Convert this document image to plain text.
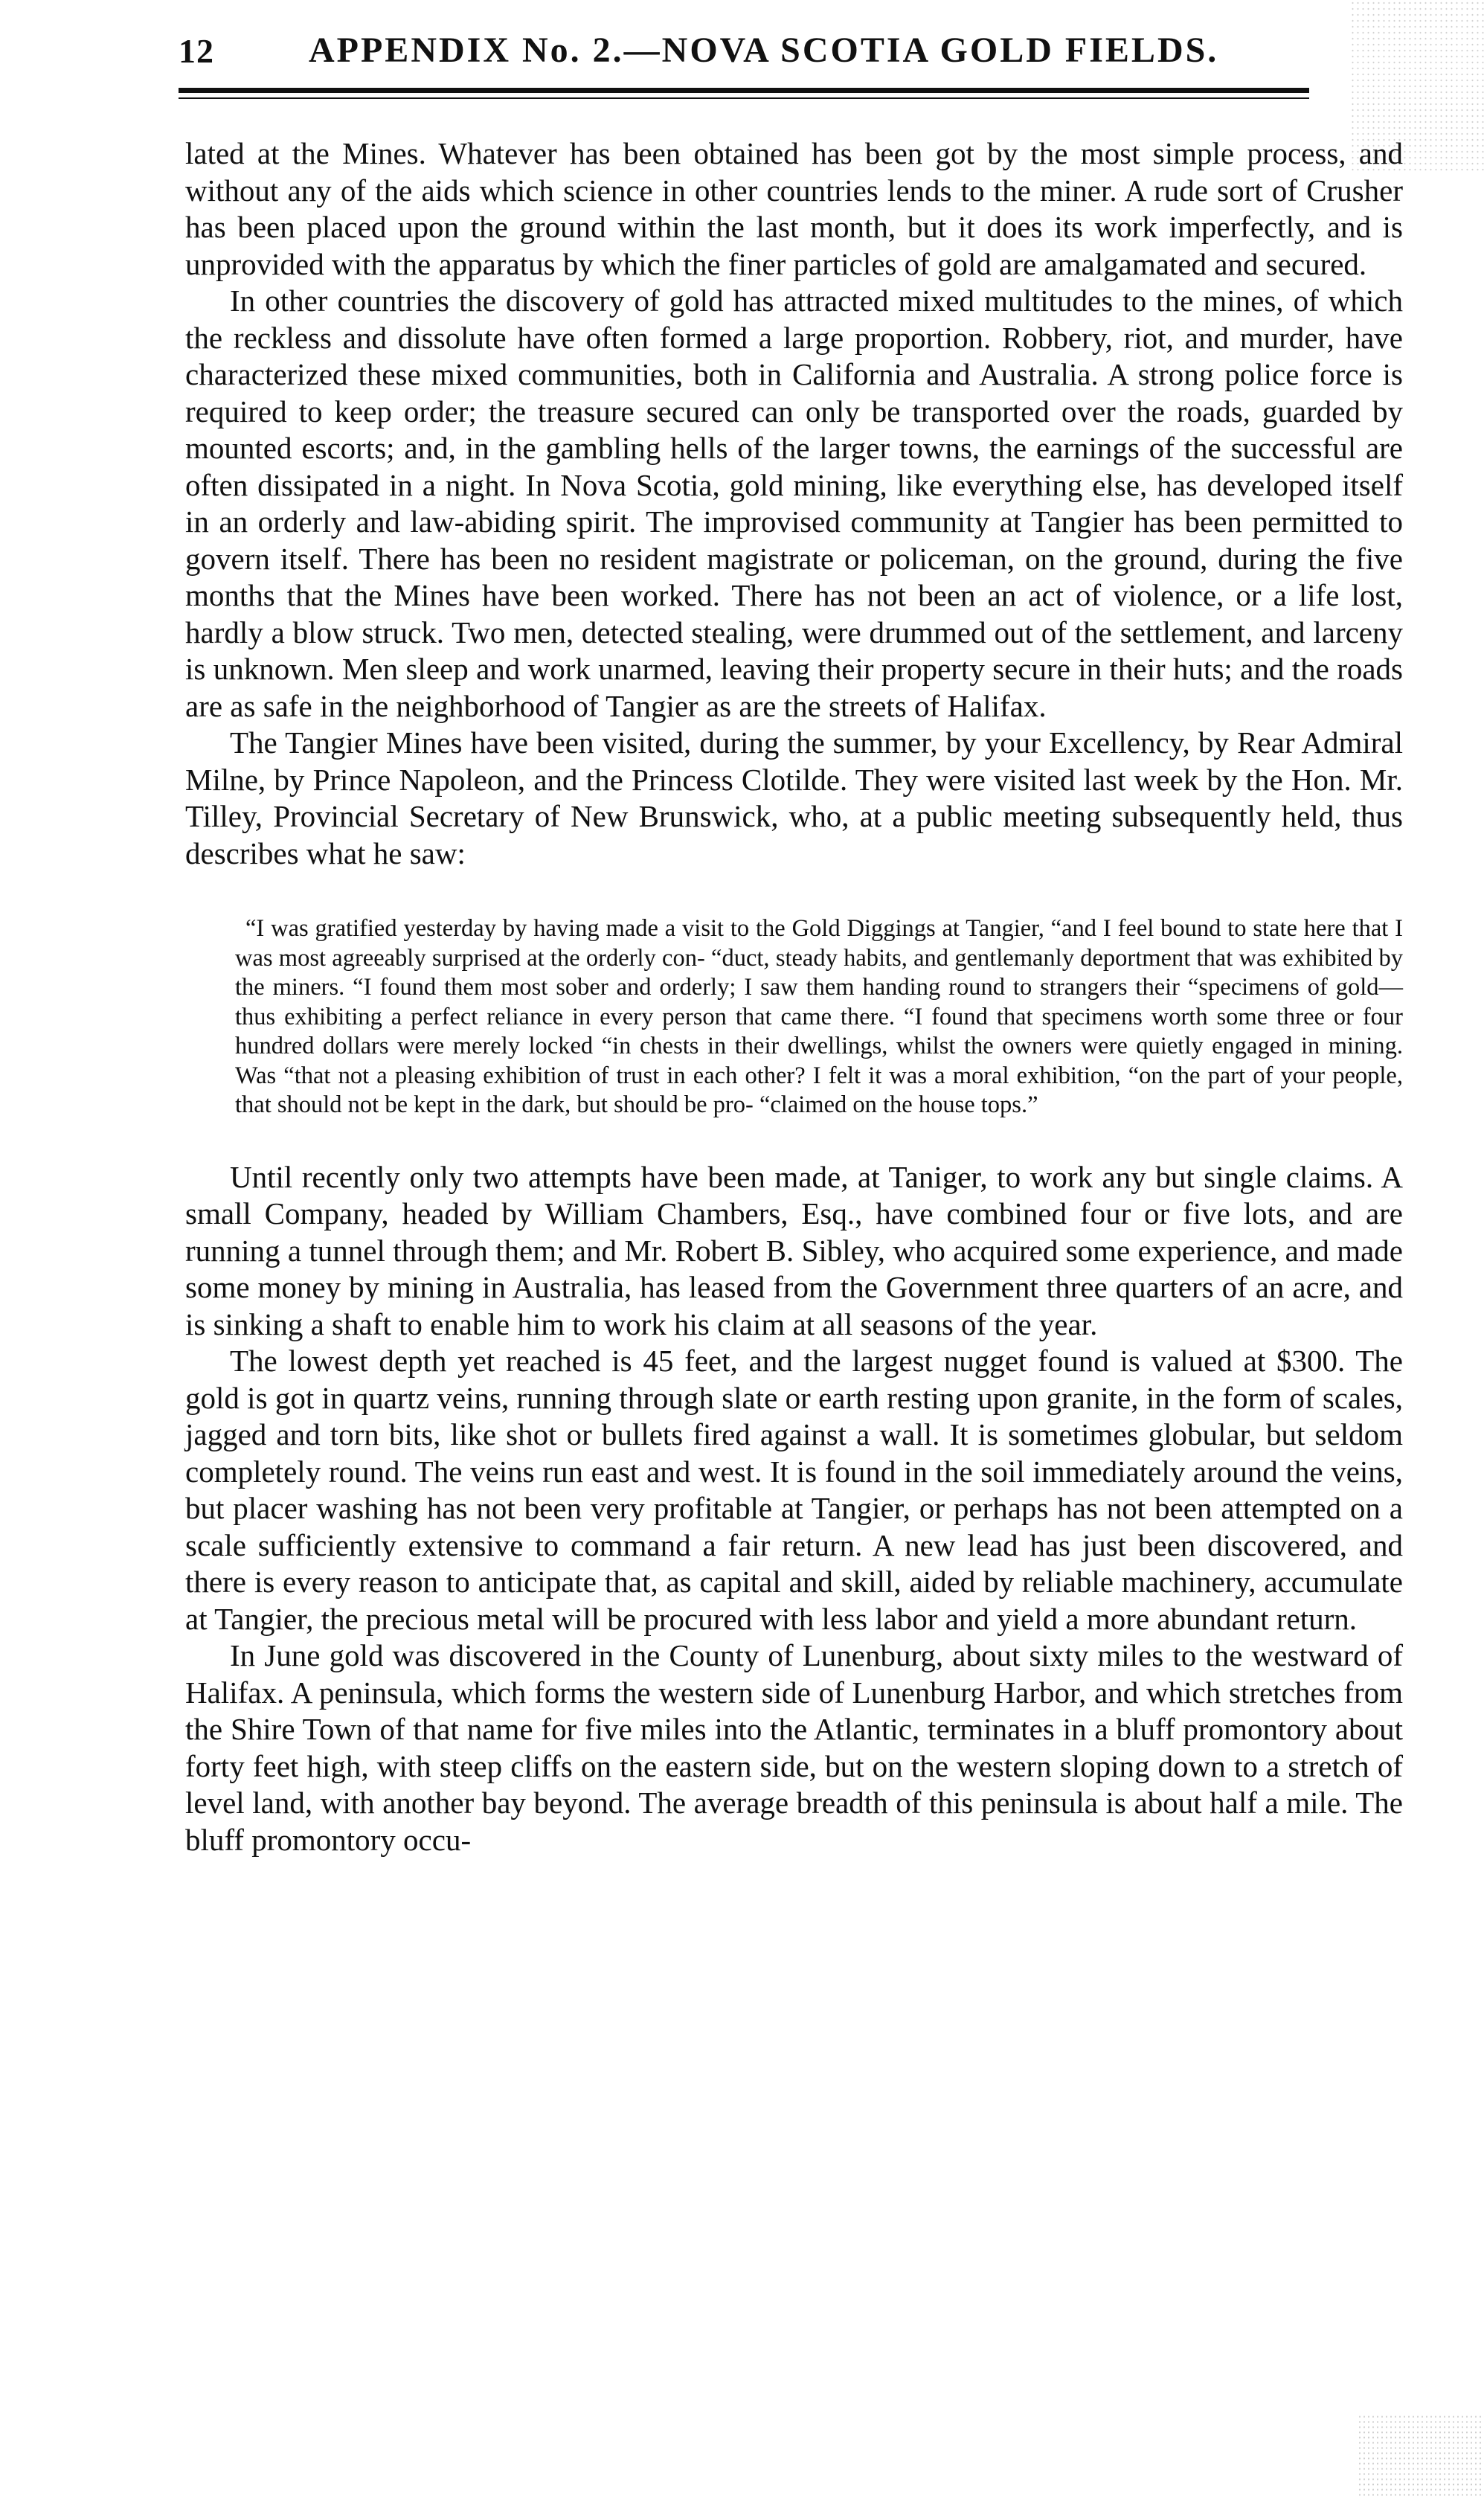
12	APPENDIX No. 2.—NOVA SCOTIA GOLD FIELDS.

lated at the Mines. Whatever has been obtained has been got by the most simple process, and without any of the aids which science in other countries lends to the miner. A rude sort of Crusher has been placed upon the ground within the last month, but it does its work imperfectly, and is unprovided with the apparatus by which the finer particles of gold are amalgamated and secured.

In other countries the discovery of gold has attracted mixed multitudes to the mines, of which the reckless and dissolute have often formed a large proportion. Robbery, riot, and murder, have characterized these mixed communities, both in California and Australia. A strong police force is required to keep order; the treasure secured can only be transported over the roads, guarded by mounted escorts; and, in the gambling hells of the larger towns, the earnings of the successful are often dissipated in a night. In Nova Scotia, gold mining, like everything else, has developed itself in an orderly and law-abiding spirit. The improvised community at Tangier has been permitted to govern itself. There has been no resident magistrate or policeman, on the ground, during the five months that the Mines have been worked. There has not been an act of violence, or a life lost, hardly a blow struck. Two men, detected stealing, were drummed out of the settlement, and larceny is unknown. Men sleep and work unarmed, leaving their property secure in their huts; and the roads are as safe in the neighborhood of Tangier as are the streets of Halifax.

The Tangier Mines have been visited, during the summer, by your Excellency, by Rear Admiral Milne, by Prince Napoleon, and the Princess Clotilde. They were visited last week by the Hon. Mr. Tilley, Provincial Secretary of New Brunswick, who, at a public meeting subsequently held, thus describes what he saw:

“I was gratified yesterday by having made a visit to the Gold Diggings at Tangier, “and I feel bound to state here that I was most agreeably surprised at the orderly con- “duct, steady habits, and gentlemanly deportment that was exhibited by the miners. “I found them most sober and orderly; I saw them handing round to strangers their “specimens of gold—thus exhibiting a perfect reliance in every person that came there. “I found that specimens worth some three or four hundred dollars were merely locked “in chests in their dwellings, whilst the owners were quietly engaged in mining. Was “that not a pleasing exhibition of trust in each other? I felt it was a moral exhibition, “on the part of your people, that should not be kept in the dark, but should be pro- “claimed on the house tops.”

Until recently only two attempts have been made, at Taniger, to work any but single claims. A small Company, headed by William Chambers, Esq., have combined four or five lots, and are running a tunnel through them; and Mr. Robert B. Sibley, who acquired some experience, and made some money by mining in Australia, has leased from the Government three quarters of an acre, and is sinking a shaft to enable him to work his claim at all seasons of the year.

The lowest depth yet reached is 45 feet, and the largest nugget found is valued at $300. The gold is got in quartz veins, running through slate or earth resting upon granite, in the form of scales, jagged and torn bits, like shot or bullets fired against a wall. It is sometimes globular, but seldom completely round. The veins run east and west. It is found in the soil immediately around the veins, but placer washing has not been very profitable at Tangier, or perhaps has not been attempted on a scale sufficiently extensive to command a fair return. A new lead has just been discovered, and there is every reason to anticipate that, as capital and skill, aided by reliable machinery, accumulate at Tangier, the precious metal will be procured with less labor and yield a more abundant return.

In June gold was discovered in the County of Lunenburg, about sixty miles to the westward of Halifax. A peninsula, which forms the western side of Lunenburg Harbor, and which stretches from the Shire Town of that name for five miles into the Atlantic, terminates in a bluff promontory about forty feet high, with steep cliffs on the eastern side, but on the western sloping down to a stretch of level land, with another bay beyond. The average breadth of this peninsula is about half a mile. The bluff promontory occu-
